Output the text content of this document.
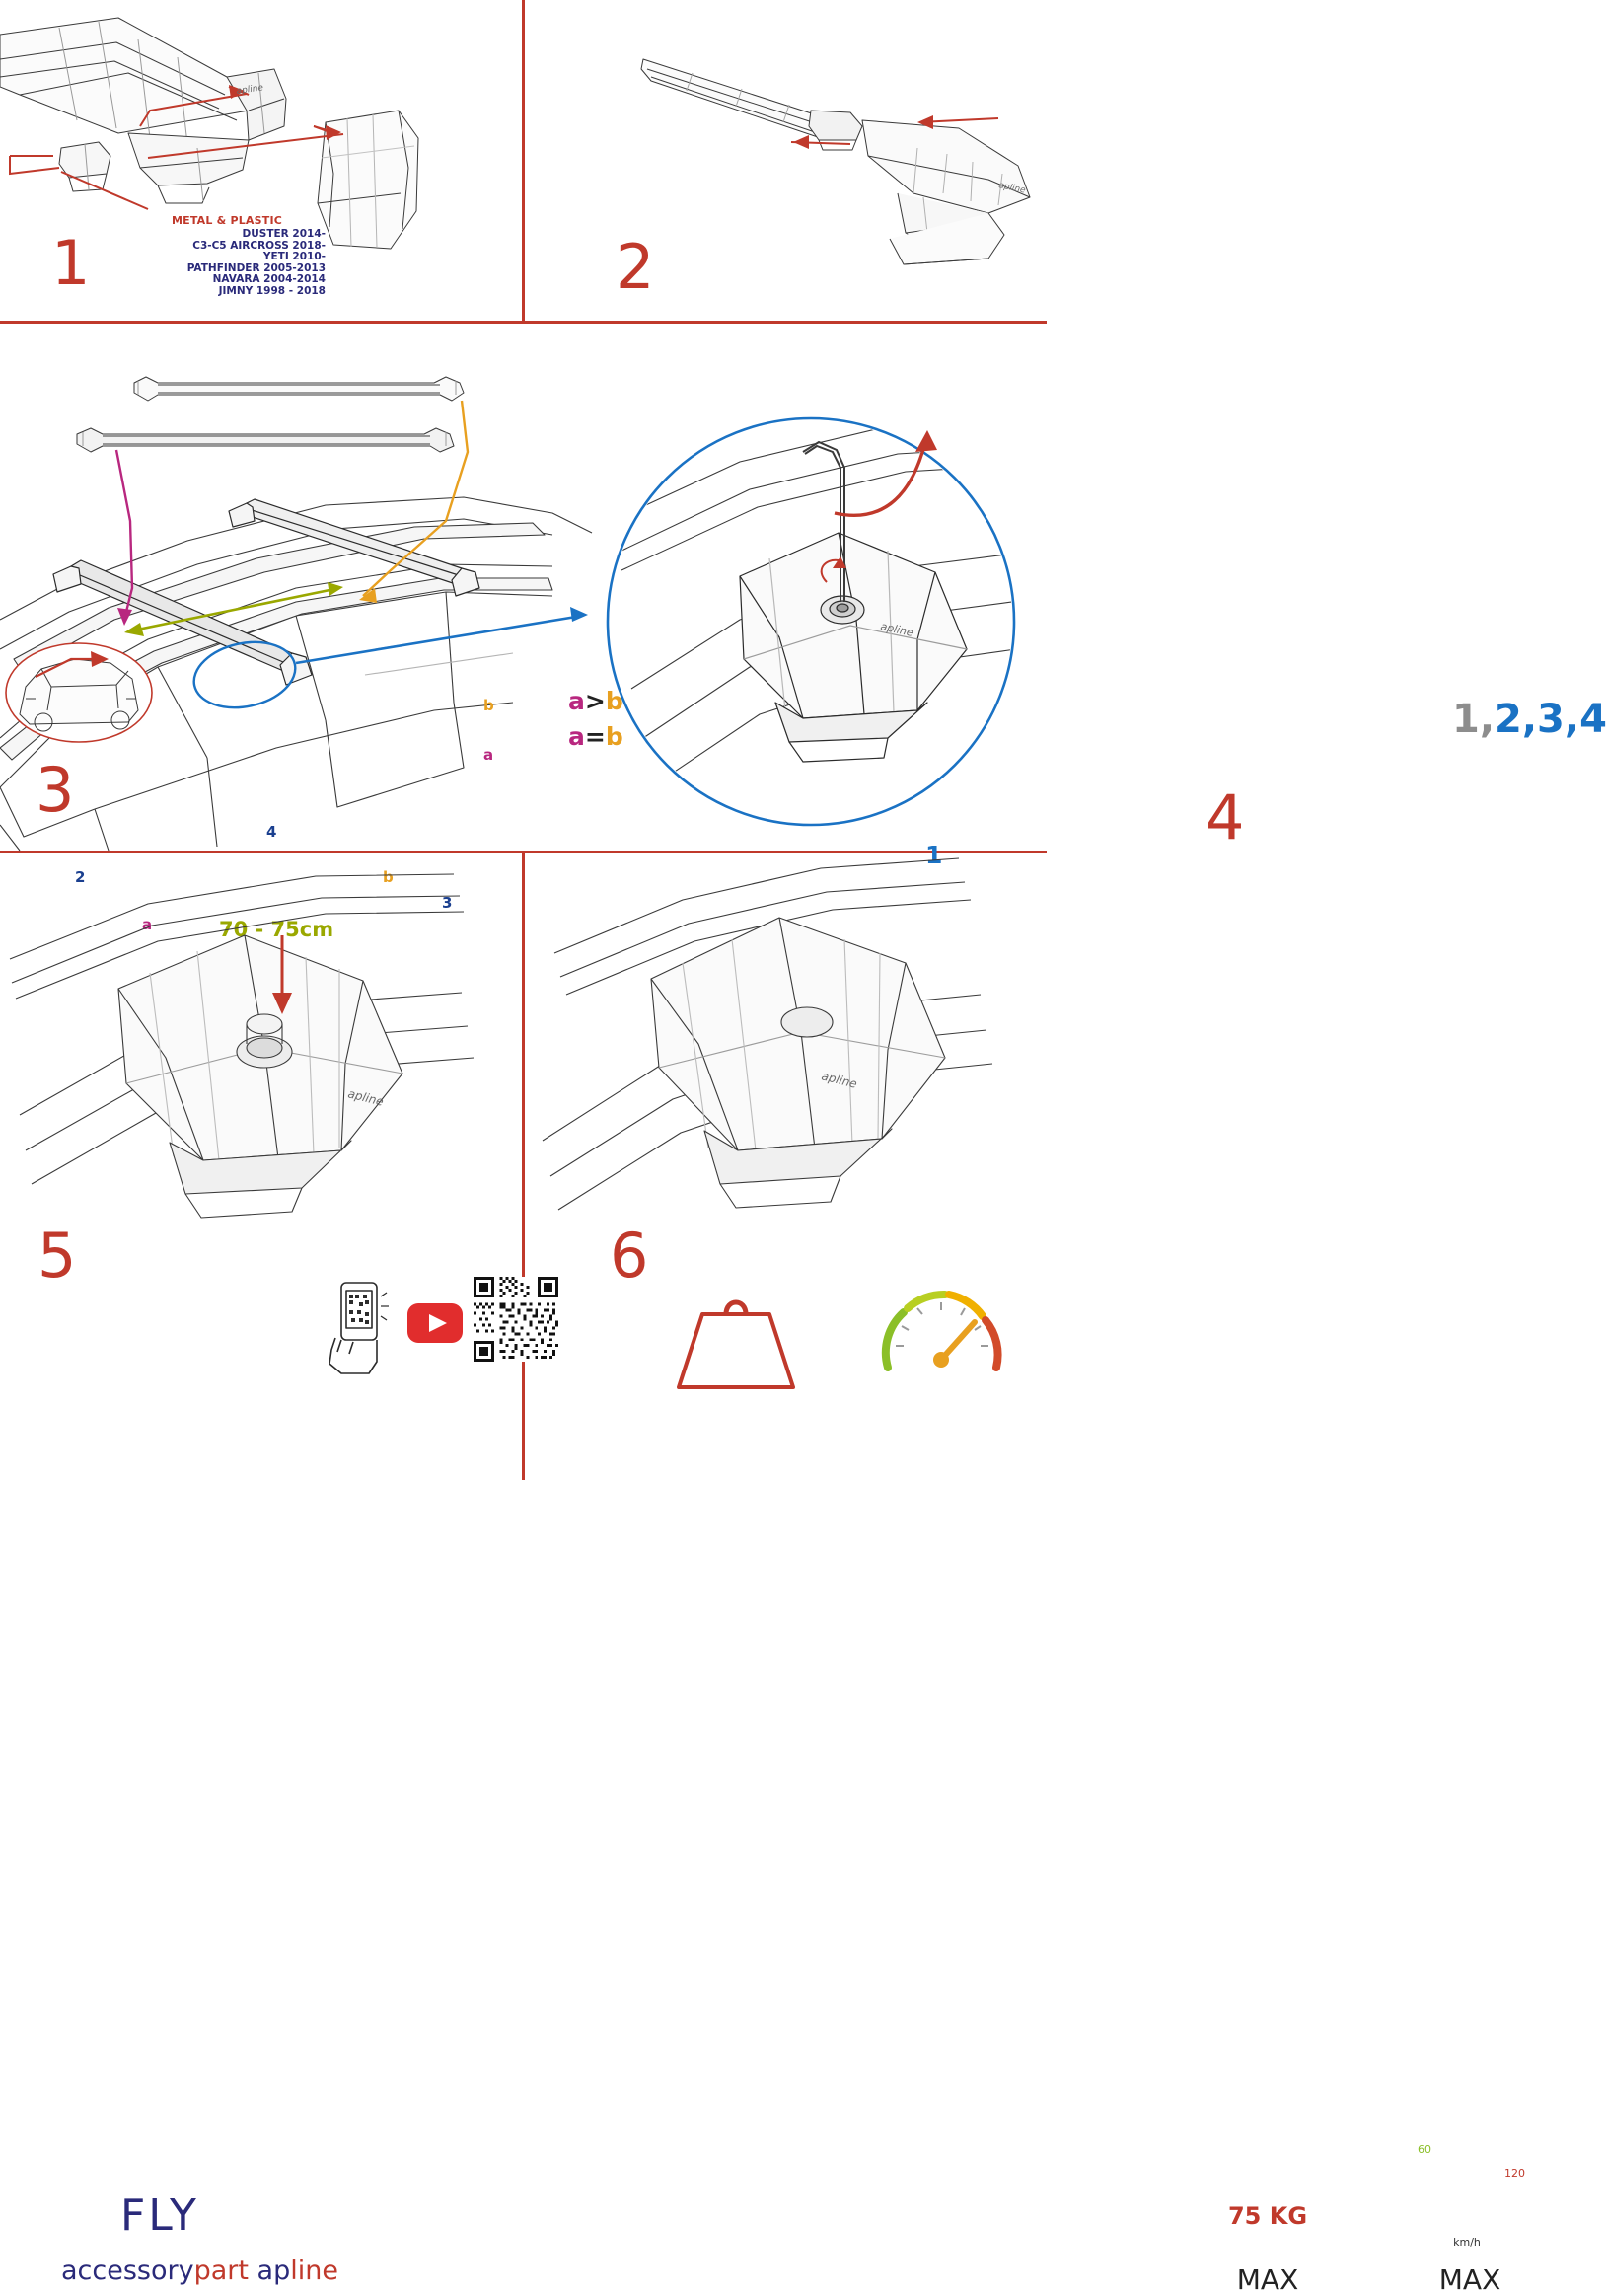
apline
METAL & PLASTIC
DUSTER 2014-
C3-C5 AIRCROSS 2018-
YETI 2010-
PATHFINDER 2005-2013
NAVARA 2004-2014
JIMNY 1998 - 2018
1
apline
2
2
3
4
b
a
a
b
70 - 75cm
a>b
a=b
3
apline
1
1,2,3,4
4
apline
5
FLY
accessorypart apline
apline
6
60
120
75 KG
MAX
km/h
MAX
